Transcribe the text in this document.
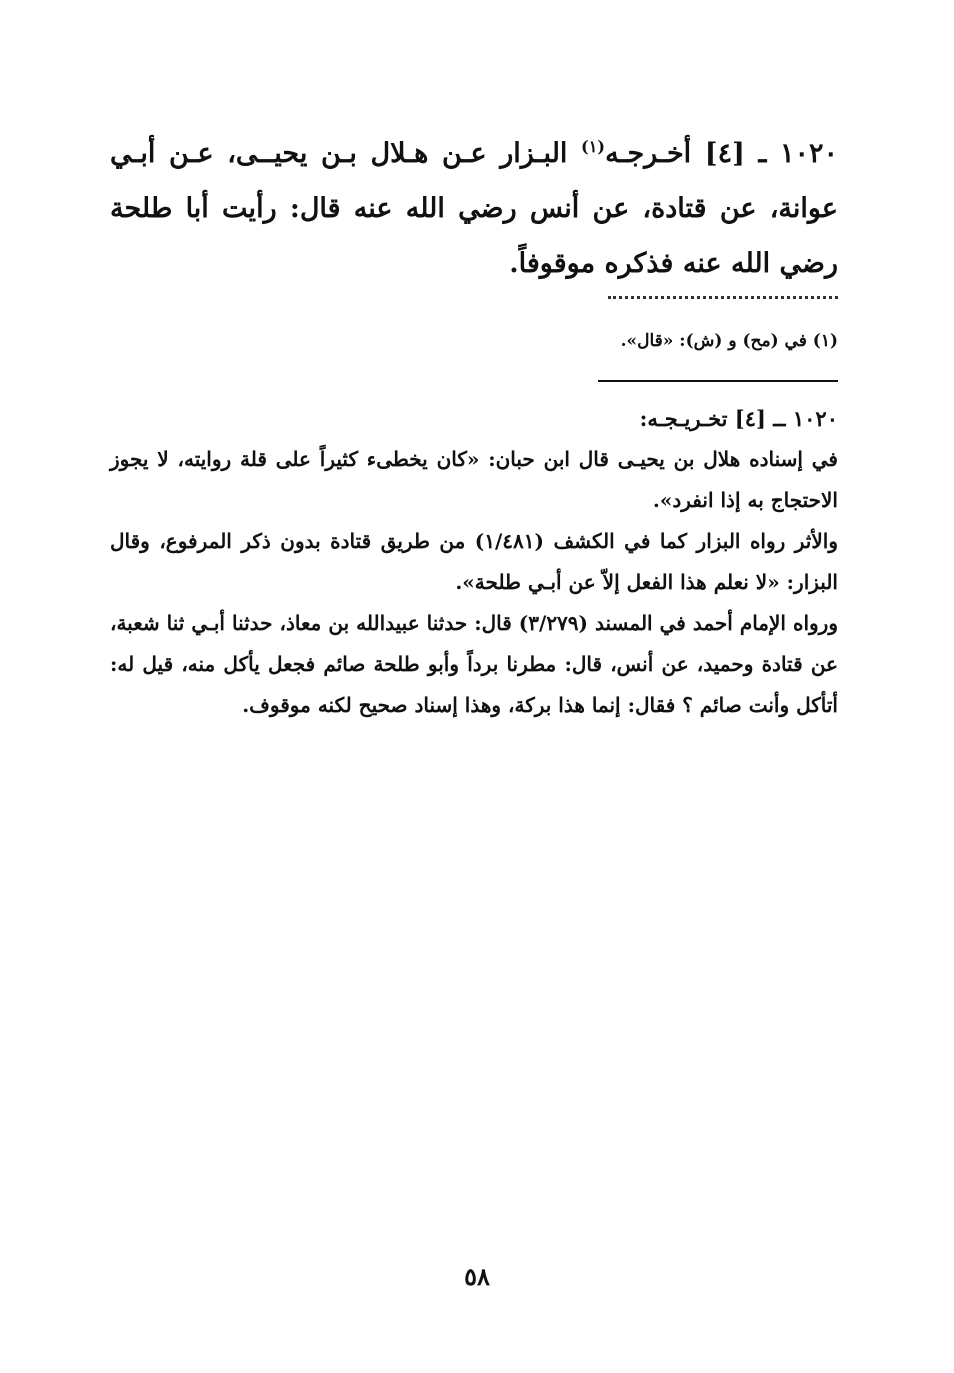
١٠٢٠ ـ [٤] أخـرجـه$^{(١)}$ البـزار عـن هـلال بـن يحيــى، عـن أبـي عوانة، عن قتادة، عن أنس رضي الله عنه قال: رأيت أبا طلحة رضي الله عنه فذكره موقوفاً.

(١) في (مح) و (ش): «قال».

١٠٢٠ ــ [٤] تخـريـجـه:

في إسناده هلال بن يحيـى قال ابن حبان: «كان يخطىء كثيراً على قلة روايته، لا يجوز الاحتجاج به إذا انفرد».

والأثر رواه البزار كما في الكشف (١/٤٨١) من طريق قتادة بدون ذكر المرفوع، وقال البزار: «لا نعلم هذا الفعل إلاّ عن أبـي طلحة».

ورواه الإمام أحمد في المسند (٣/٢٧٩) قال: حدثنا عبيدالله بن معاذ، حدثنا أبـي ثنا شعبة، عن قتادة وحميد، عن أنس، قال: مطرنا برداً وأبو طلحة صائم فجعل يأكل منه، قيل له: أتأكل وأنت صائم ؟ فقال: إنما هذا بركة، وهذا إسناد صحيح لكنه موقوف.

٥٨
